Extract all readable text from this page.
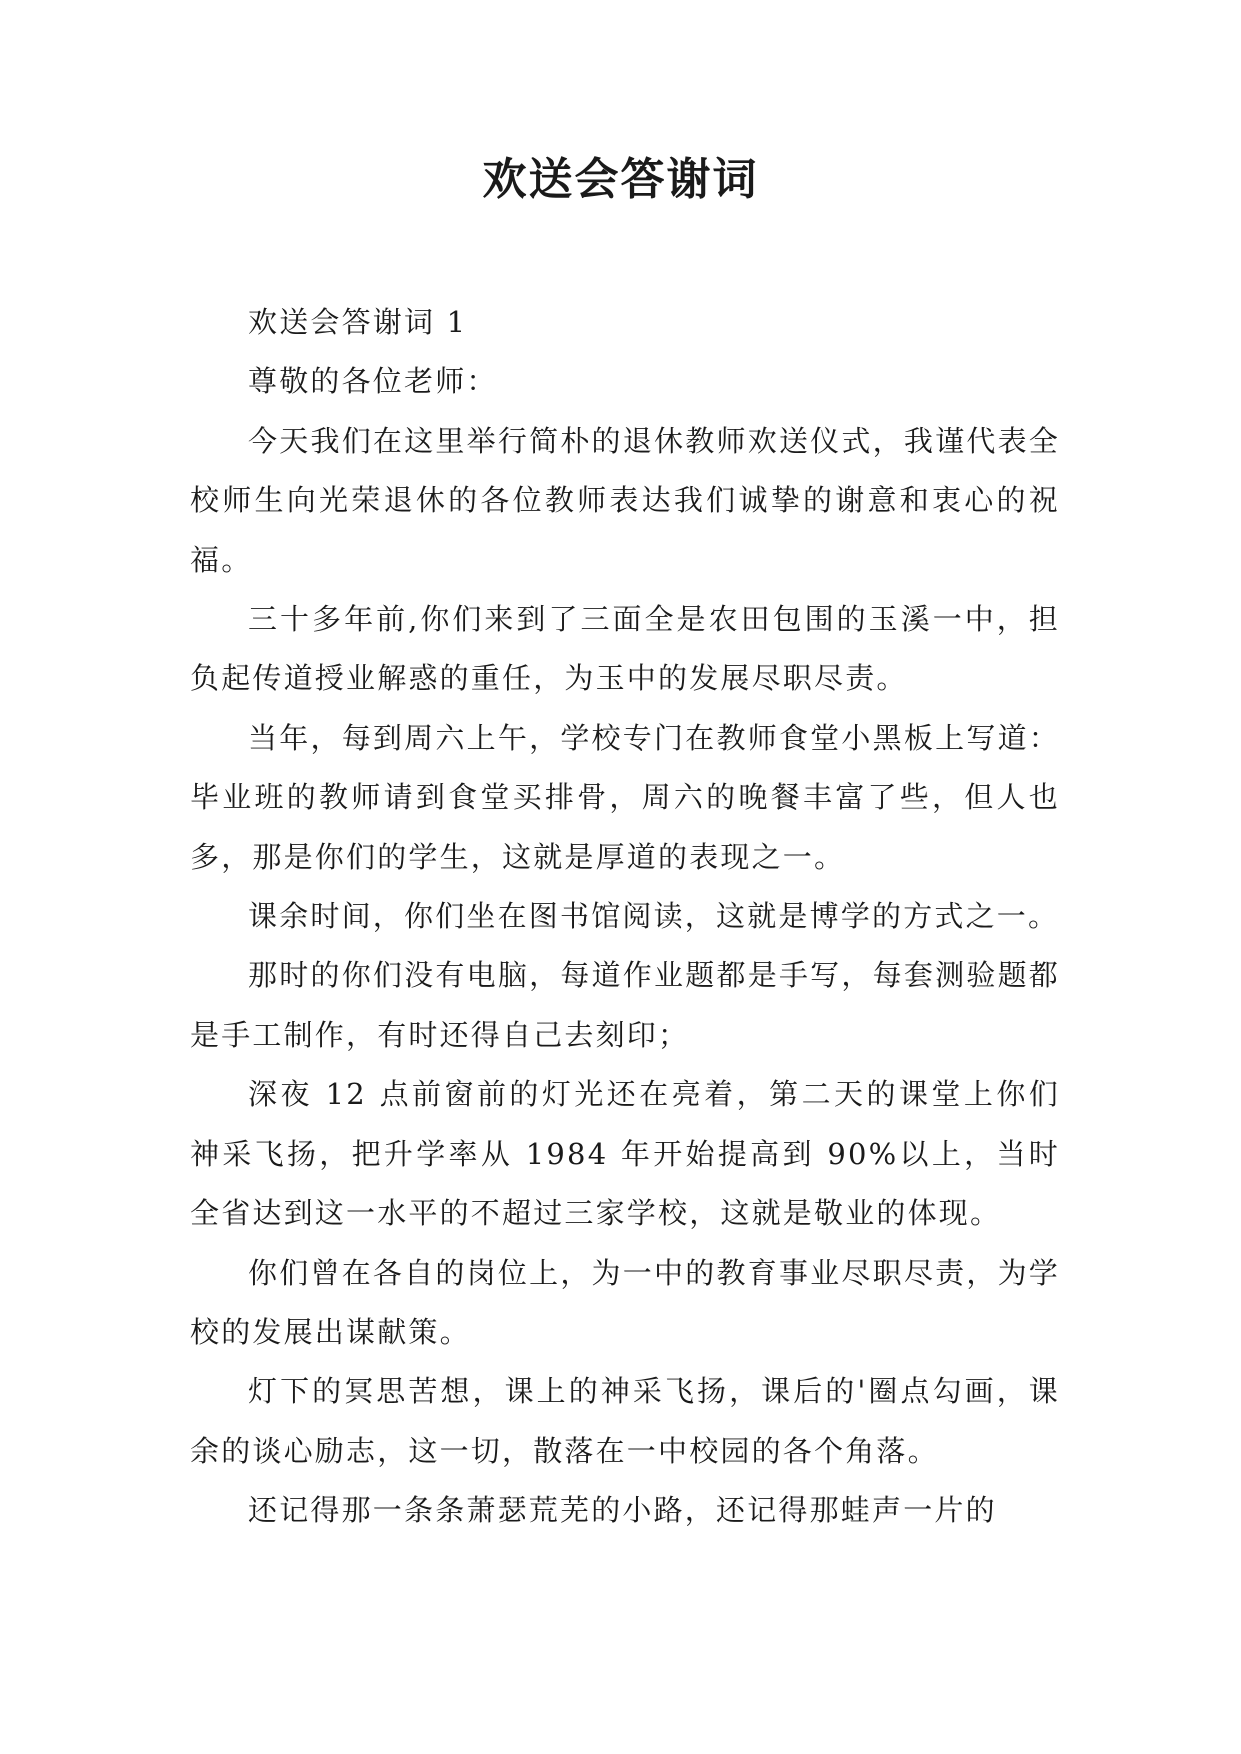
欢送会答谢词

欢送会答谢词 1

尊敬的各位老师：

今天我们在这里举行简朴的退休教师欢送仪式，我谨代表全校师生向光荣退休的各位教师表达我们诚挚的谢意和衷心的祝福。

三十多年前,你们来到了三面全是农田包围的玉溪一中，担负起传道授业解惑的重任，为玉中的发展尽职尽责。

当年，每到周六上午，学校专门在教师食堂小黑板上写道：毕业班的教师请到食堂买排骨，周六的晚餐丰富了些，但人也多，那是你们的学生，这就是厚道的表现之一。

课余时间，你们坐在图书馆阅读，这就是博学的方式之一。

那时的你们没有电脑，每道作业题都是手写，每套测验题都是手工制作，有时还得自己去刻印；

深夜 12 点前窗前的灯光还在亮着，第二天的课堂上你们神采飞扬，把升学率从 1984 年开始提高到 90%以上，当时全省达到这一水平的不超过三家学校，这就是敬业的体现。

你们曾在各自的岗位上，为一中的教育事业尽职尽责，为学校的发展出谋献策。

灯下的冥思苦想，课上的神采飞扬，课后的'圈点勾画，课余的谈心励志，这一切，散落在一中校园的各个角落。

还记得那一条条萧瑟荒芜的小路，还记得那蛙声一片的
